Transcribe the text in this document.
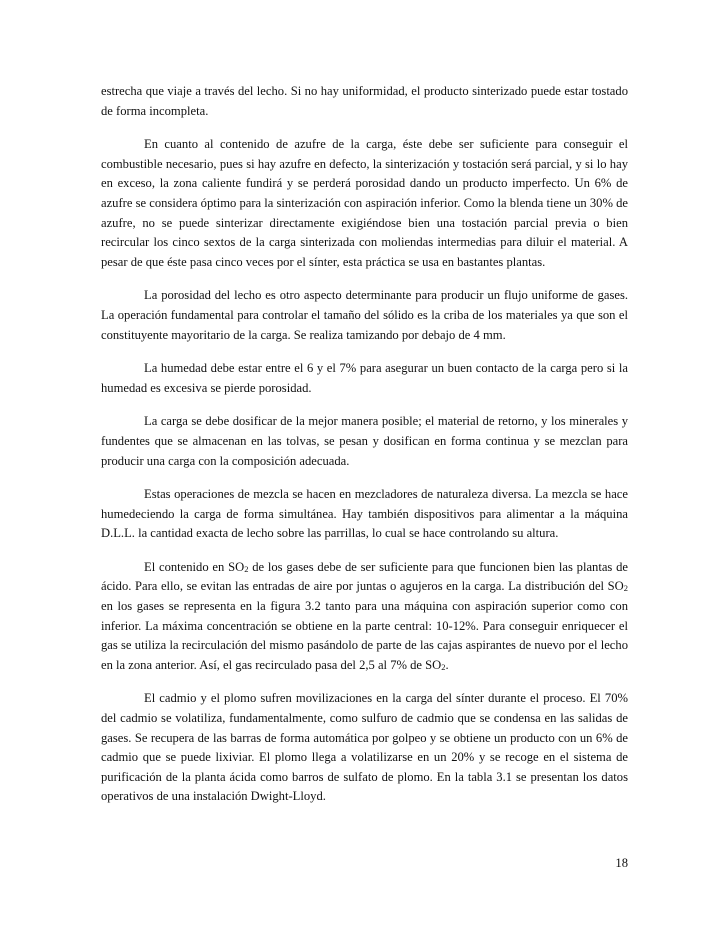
estrecha que viaje a través del lecho. Si no hay uniformidad, el producto sinterizado puede estar tostado de forma incompleta.

En cuanto al contenido de azufre de la carga, éste debe ser suficiente para conseguir el combustible necesario, pues si hay azufre en defecto, la sinterización y tostación será parcial, y si lo hay en exceso, la zona caliente fundirá y se perderá porosidad dando un producto imperfecto. Un 6% de azufre se considera óptimo para la sinterización con aspiración inferior. Como la blenda tiene un 30% de azufre, no se puede sinterizar directamente exigiéndose bien una tostación parcial previa o bien recircular los cinco sextos de la carga sinterizada con moliendas intermedias para diluir el material. A pesar de que éste pasa cinco veces por el sínter, esta práctica se usa en bastantes plantas.

La porosidad del lecho es otro aspecto determinante para producir un flujo uniforme de gases. La operación fundamental para controlar el tamaño del sólido es la criba de los materiales ya que son el constituyente mayoritario de la carga. Se realiza tamizando por debajo de 4 mm.

La humedad debe estar entre el 6 y el 7% para asegurar un buen contacto de la carga pero si la humedad es excesiva se pierde porosidad.

La carga se debe dosificar de la mejor manera posible; el material de retorno, y los minerales y fundentes que se almacenan en las tolvas, se pesan y dosifican en forma continua y se mezclan para producir una carga con la composición adecuada.

Estas operaciones de mezcla se hacen en mezcladores de naturaleza diversa. La mezcla se hace humedeciendo la carga de forma simultánea. Hay también dispositivos para alimentar a la máquina D.L.L. la cantidad exacta de lecho sobre las parrillas, lo cual se hace controlando su altura.

El contenido en $SO_2$ de los gases debe de ser suficiente para que funcionen bien las plantas de ácido. Para ello, se evitan las entradas de aire por juntas o agujeros en la carga. La distribución del $SO_2$ en los gases se representa en la figura 3.2 tanto para una máquina con aspiración superior como con inferior. La máxima concentración se obtiene en la parte central: 10-12%. Para conseguir enriquecer el gas se utiliza la recirculación del mismo pasándolo de parte de las cajas aspirantes de nuevo por el lecho en la zona anterior. Así, el gas recirculado pasa del 2,5 al 7% de $SO_2$.

El cadmio y el plomo sufren movilizaciones en la carga del sínter durante el proceso. El 70% del cadmio se volatiliza, fundamentalmente, como sulfuro de cadmio que se condensa en las salidas de gases. Se recupera de las barras de forma automática por golpeo y se obtiene un producto con un 6% de cadmio que se puede lixiviar. El plomo llega a volatilizarse en un 20% y se recoge en el sistema de purificación de la planta ácida como barros de sulfato de plomo. En la tabla 3.1 se presentan los datos operativos de una instalación Dwight-Lloyd.

18
